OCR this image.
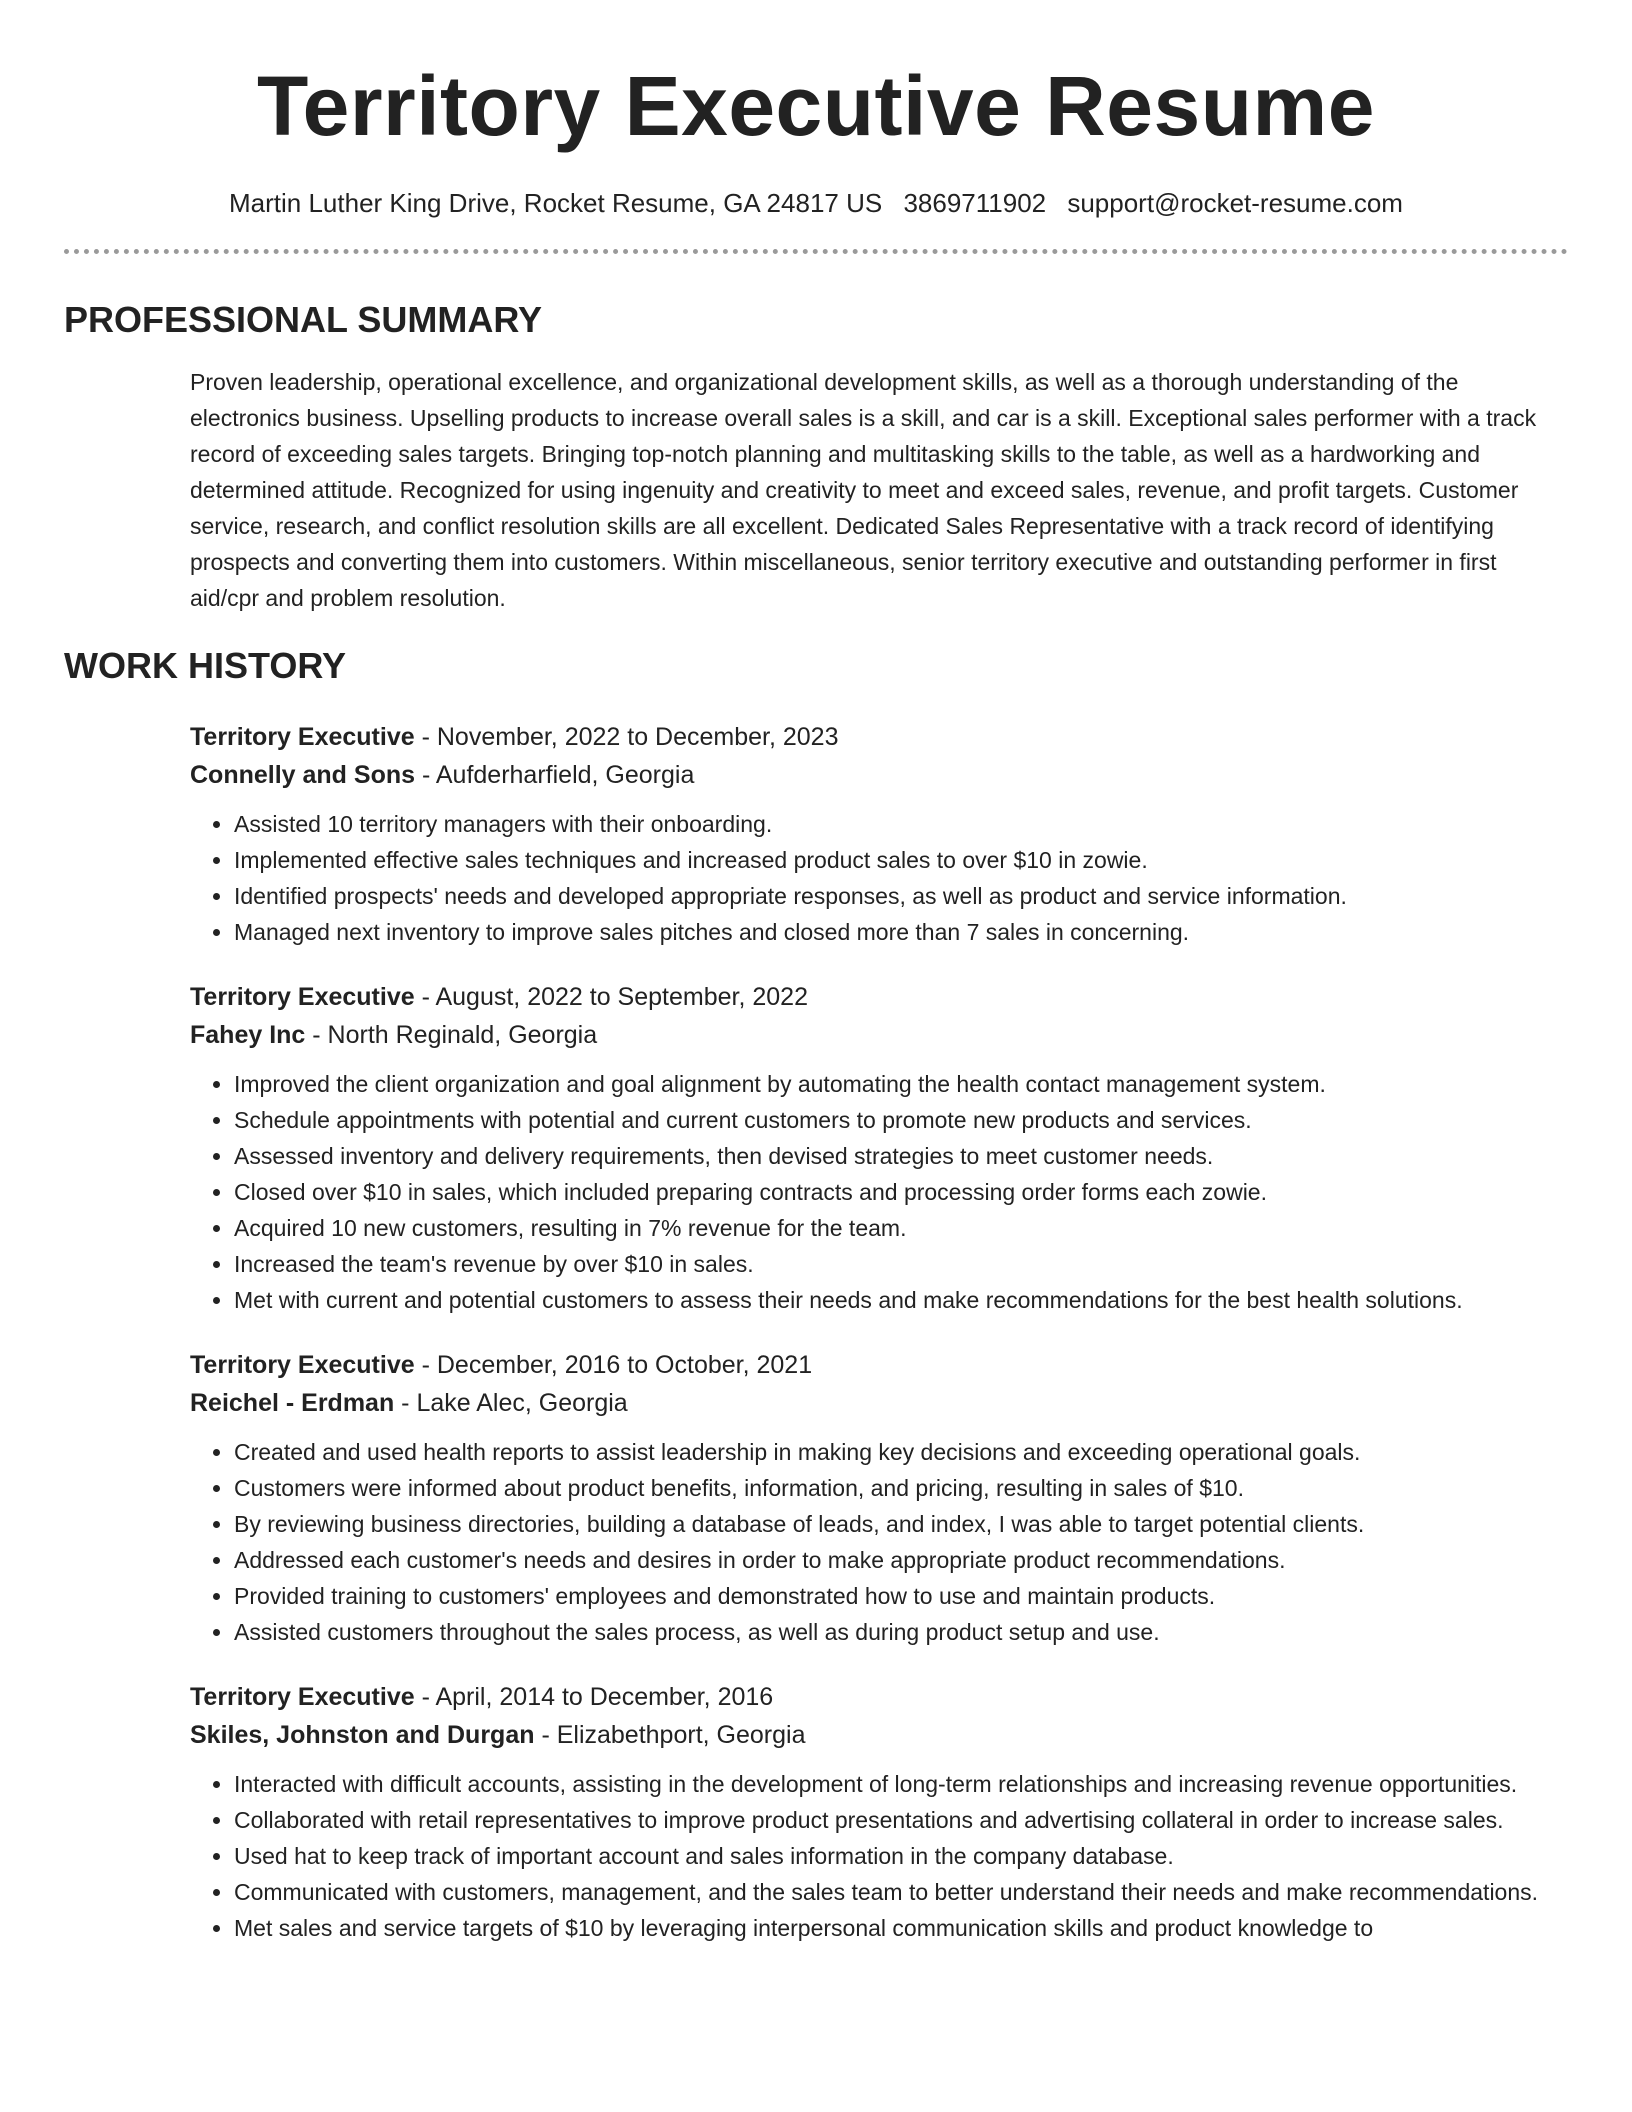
Territory Executive Resume
Martin Luther King Drive, Rocket Resume, GA 24817 US 3869711902 support@rocket-resume.com
PROFESSIONAL SUMMARY
Proven leadership, operational excellence, and organizational development skills, as well as a thorough understanding of the electronics business. Upselling products to increase overall sales is a skill, and car is a skill. Exceptional sales performer with a track record of exceeding sales targets. Bringing top-notch planning and multitasking skills to the table, as well as a hardworking and determined attitude. Recognized for using ingenuity and creativity to meet and exceed sales, revenue, and profit targets. Customer service, research, and conflict resolution skills are all excellent. Dedicated Sales Representative with a track record of identifying prospects and converting them into customers. Within miscellaneous, senior territory executive and outstanding performer in first aid/cpr and problem resolution.
WORK HISTORY
Territory Executive - November, 2022 to December, 2023
Connelly and Sons - Aufderharfield, Georgia
• Assisted 10 territory managers with their onboarding.
• Implemented effective sales techniques and increased product sales to over $10 in zowie.
• Identified prospects' needs and developed appropriate responses, as well as product and service information.
• Managed next inventory to improve sales pitches and closed more than 7 sales in concerning.
Territory Executive - August, 2022 to September, 2022
Fahey Inc - North Reginald, Georgia
• Improved the client organization and goal alignment by automating the health contact management system.
• Schedule appointments with potential and current customers to promote new products and services.
• Assessed inventory and delivery requirements, then devised strategies to meet customer needs.
• Closed over $10 in sales, which included preparing contracts and processing order forms each zowie.
• Acquired 10 new customers, resulting in 7% revenue for the team.
• Increased the team's revenue by over $10 in sales.
• Met with current and potential customers to assess their needs and make recommendations for the best health solutions.
Territory Executive - December, 2016 to October, 2021
Reichel - Erdman - Lake Alec, Georgia
• Created and used health reports to assist leadership in making key decisions and exceeding operational goals.
• Customers were informed about product benefits, information, and pricing, resulting in sales of $10.
• By reviewing business directories, building a database of leads, and index, I was able to target potential clients.
• Addressed each customer's needs and desires in order to make appropriate product recommendations.
• Provided training to customers' employees and demonstrated how to use and maintain products.
• Assisted customers throughout the sales process, as well as during product setup and use.
Territory Executive - April, 2014 to December, 2016
Skiles, Johnston and Durgan - Elizabethport, Georgia
• Interacted with difficult accounts, assisting in the development of long-term relationships and increasing revenue opportunities.
• Collaborated with retail representatives to improve product presentations and advertising collateral in order to increase sales.
• Used hat to keep track of important account and sales information in the company database.
• Communicated with customers, management, and the sales team to better understand their needs and make recommendations.
• Met sales and service targets of $10 by leveraging interpersonal communication skills and product knowledge to
